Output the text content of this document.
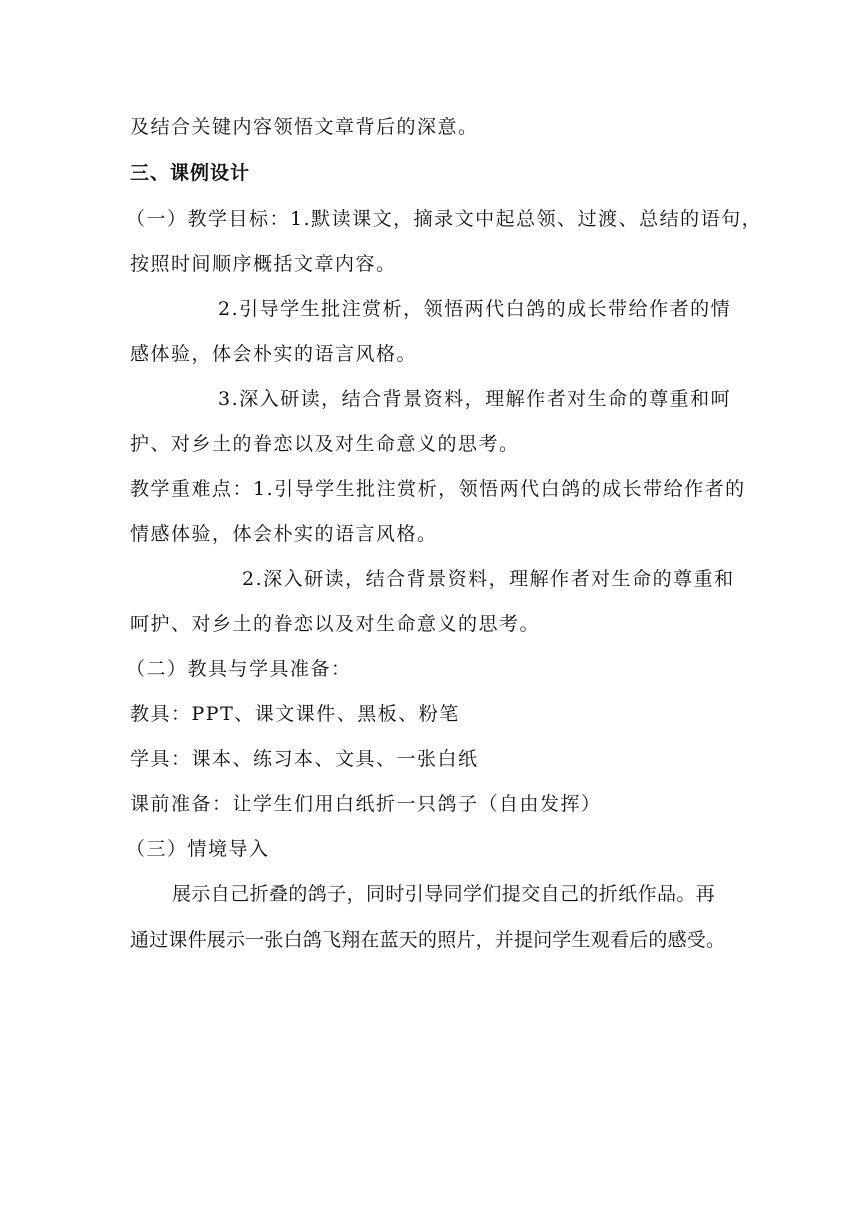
及结合关键内容领悟文章背后的深意。
三、课例设计
（一）教学目标：1.默读课文，摘录文中起总领、过渡、总结的语句，
按照时间顺序概括文章内容。
2.引导学生批注赏析，领悟两代白鸽的成长带给作者的情
感体验，体会朴实的语言风格。
3.深入研读，结合背景资料，理解作者对生命的尊重和呵
护、对乡土的眷恋以及对生命意义的思考。
教学重难点：1.引导学生批注赏析，领悟两代白鸽的成长带给作者的
情感体验，体会朴实的语言风格。
2.深入研读，结合背景资料，理解作者对生命的尊重和
呵护、对乡土的眷恋以及对生命意义的思考。
（二）教具与学具准备：
教具：PPT、课文课件、黑板、粉笔
学具：课本、练习本、文具、一张白纸
课前准备：让学生们用白纸折一只鸽子（自由发挥）
（三）情境导入
展示自己折叠的鸽子，同时引导同学们提交自己的折纸作品。再
通过课件展示一张白鸽飞翔在蓝天的照片，并提问学生观看后的感受。
